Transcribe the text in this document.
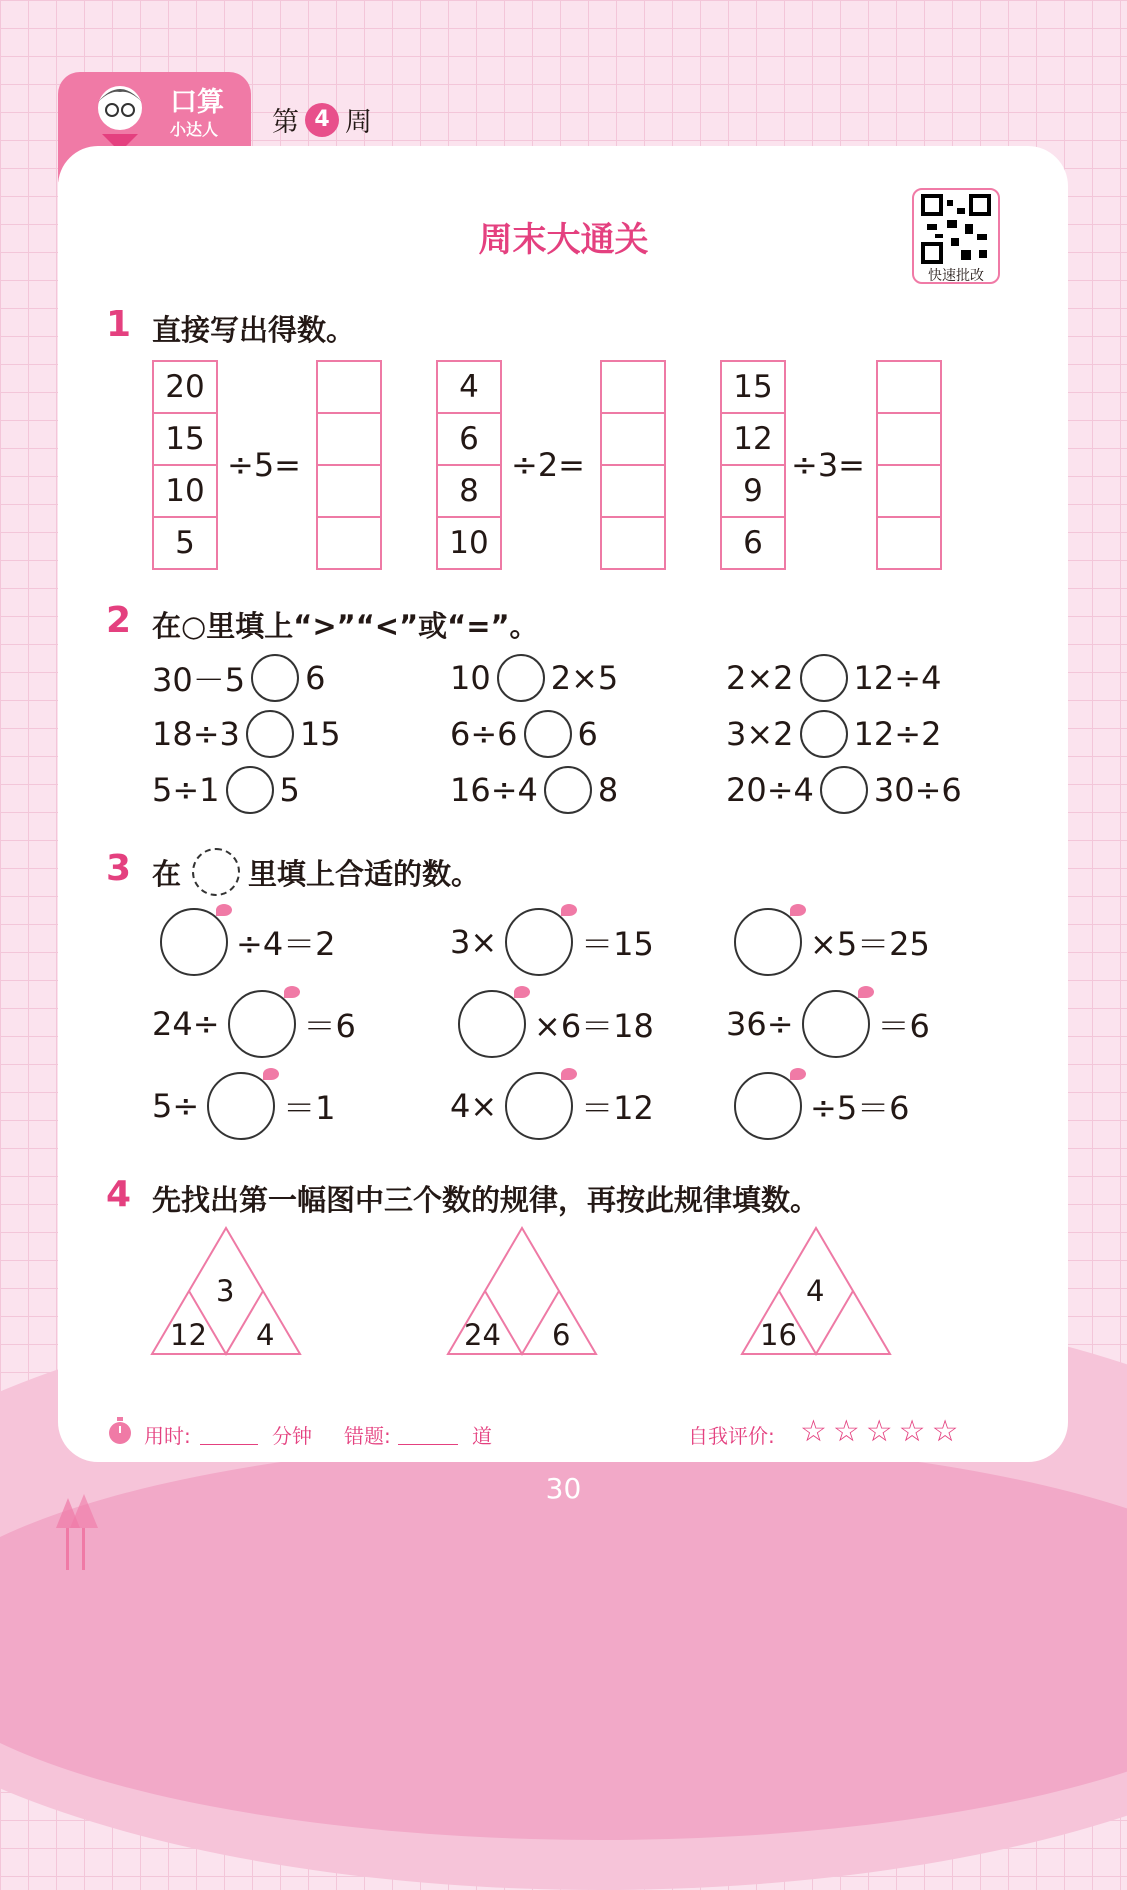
口算
小达人 第 4 周
周末大通关
快速批改
1 直接写出得数。
20
15
10
5
÷5=
4
6
8
10
÷2=
15
12
9
6
÷3=
2 在○里填上“>”“<”或“=”。
30－5 6	10 2×5	2×2 12÷4
18÷3 15	6÷6 6	3×2 12÷2
5÷1 5	16÷4 8	20÷4 30÷6
3 在 里填上合适的数。
÷4＝2	3×	＝15	×5＝25
24÷	＝6	×6＝18 36÷	＝6
5÷	＝1	4×	＝12	÷5＝6
4 先找出第一幅图中三个数的规律，再按此规律填数。
3
12 4	24 6
4
16
用时:	分钟 错题:	道	自我评价: ☆☆☆☆☆
30
